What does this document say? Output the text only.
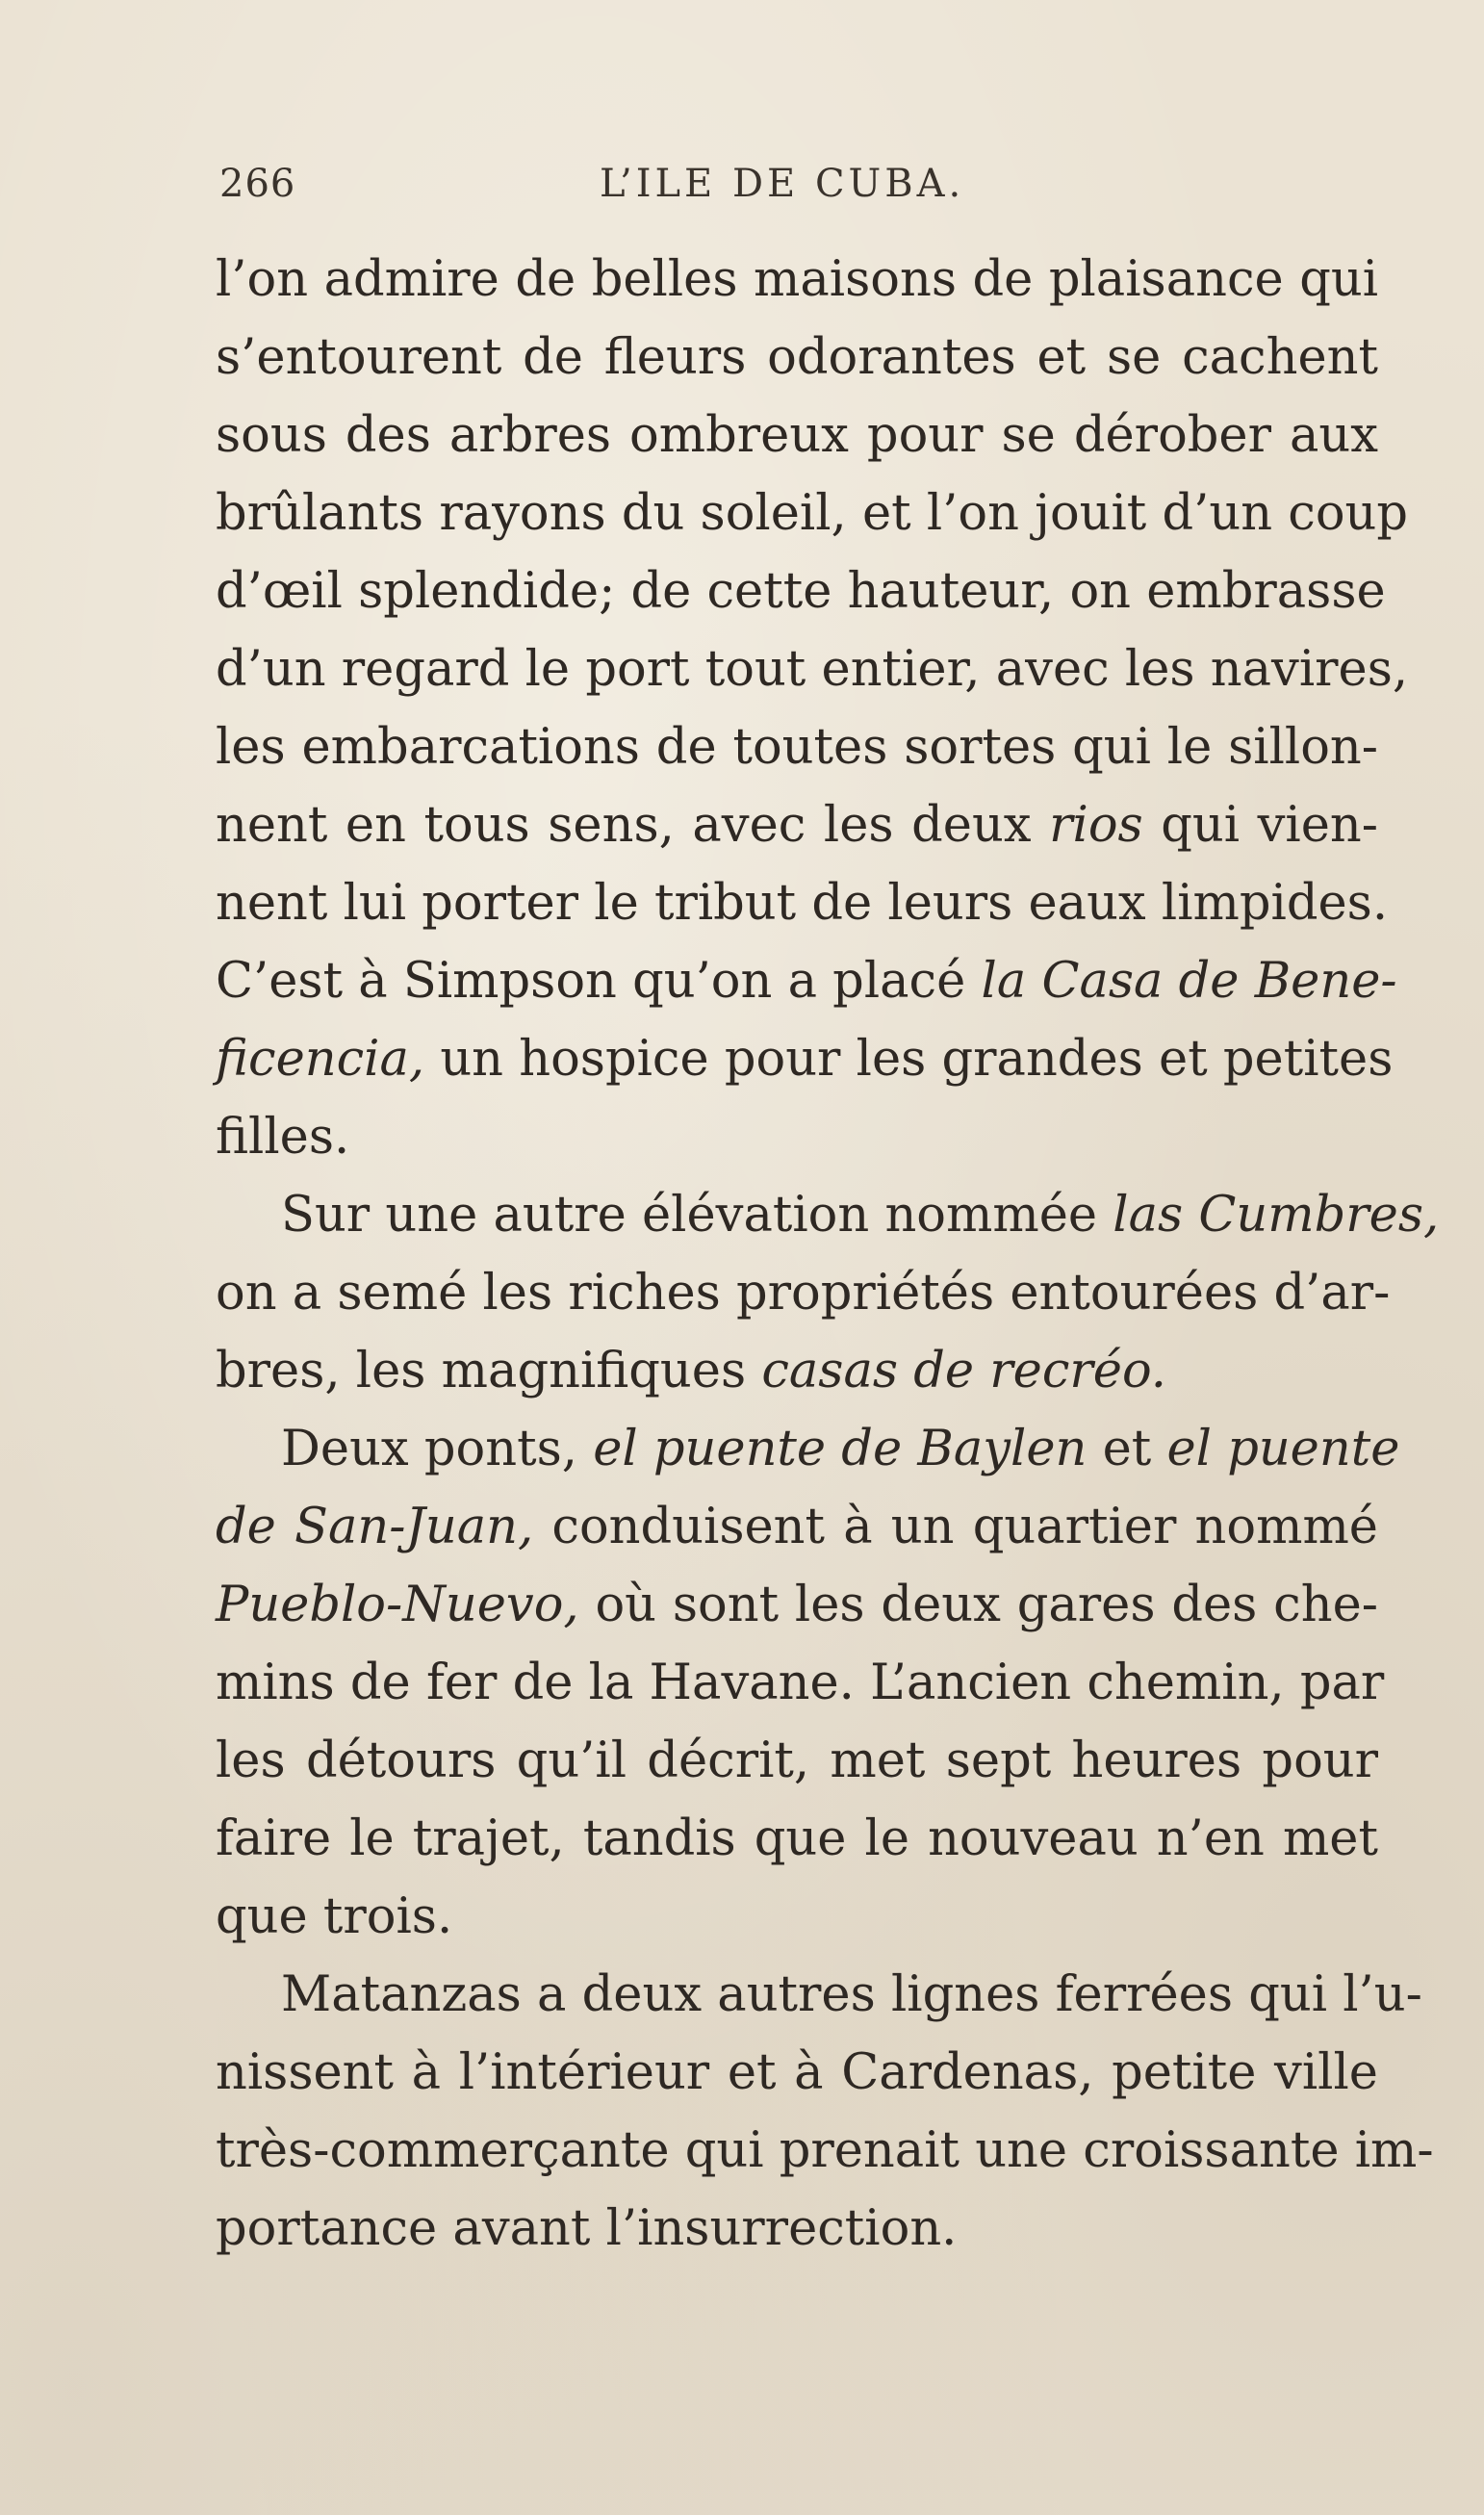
266	L’ILE DE CUBA.
l’on admire de belles maisons de plaisance qui
s’entourent de fleurs odorantes et se cachent
sous des arbres ombreux pour se dérober aux
brûlants rayons du soleil, et l’on jouit d’un coup
d’œil splendide; de cette hauteur, on embrasse
d’un regard le port tout entier, avec les navires,
les embarcations de toutes sortes qui le sillon-
nent en tous sens, avec les deux rios qui vien-
nent lui porter le tribut de leurs eaux limpides.
C’est à Simpson qu’on a placé la Casa de Bene-
ficencia, un hospice pour les grandes et petites
filles.
Sur une autre élévation nommée las Cumbres,
on a semé les riches propriétés entourées d’ar-
bres, les magnifiques casas de recréo.
Deux ponts, el puente de Baylen et el puente
de San-Juan, conduisent à un quartier nommé
Pueblo-Nuevo, où sont les deux gares des che-
mins de fer de la Havane. L’ancien chemin, par
les détours qu’il décrit, met sept heures pour
faire le trajet, tandis que le nouveau n’en met
que trois.
Matanzas a deux autres lignes ferrées qui l’u-
nissent à l’intérieur et à Cardenas, petite ville
très-commerçante qui prenait une croissante im-
portance avant l’insurrection.
